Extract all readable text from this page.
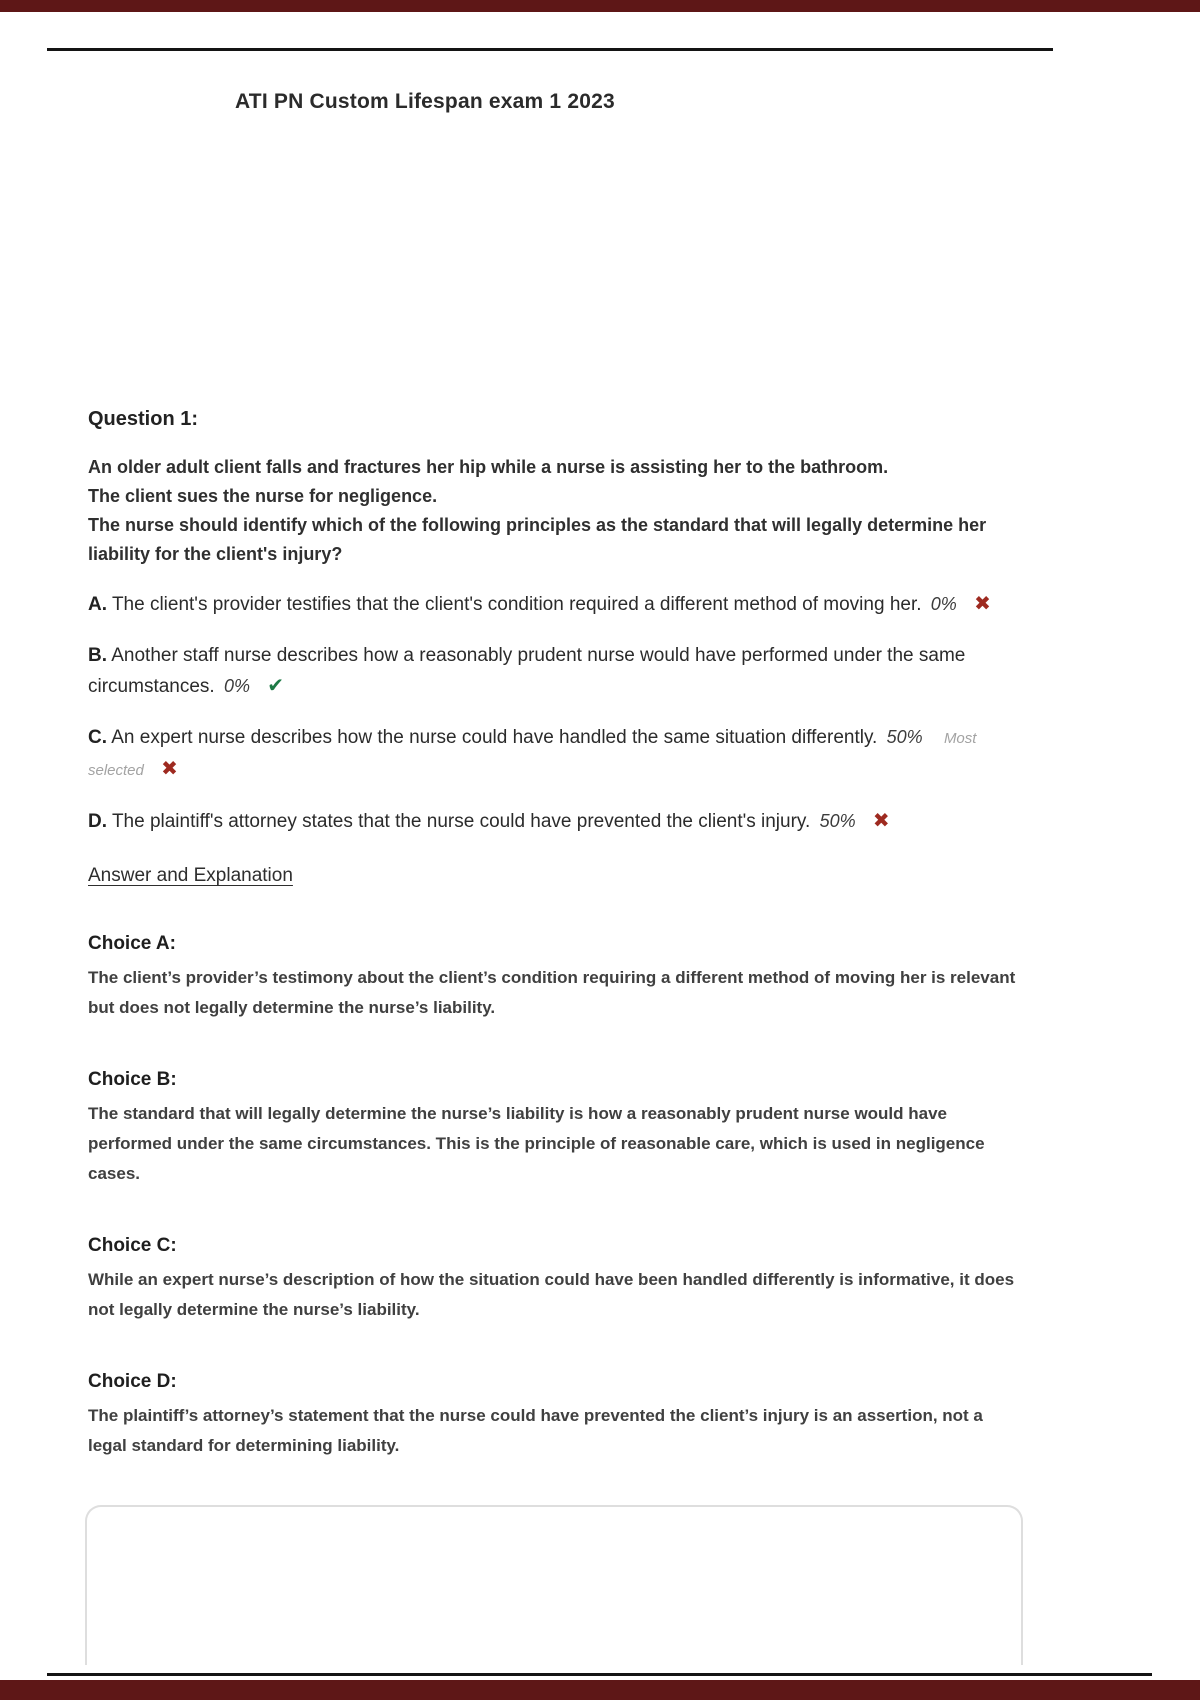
ATI PN Custom Lifespan exam 1 2023
Question 1:

An older adult client falls and fractures her hip while a nurse is assisting her to the bathroom.
The client sues the nurse for negligence.
The nurse should identify which of the following principles as the standard that will legally determine her liability for the client's injury?

A. The client's provider testifies that the client's condition required a different method of moving her. 0% ✖

B. Another staff nurse describes how a reasonably prudent nurse would have performed under the same circumstances. 0% ✔

C. An expert nurse describes how the nurse could have handled the same situation differently. 50% Most selected ✖

D. The plaintiff's attorney states that the nurse could have prevented the client's injury. 50% ✖

Answer and Explanation
Choice A:

The client’s provider’s testimony about the client’s condition requiring a different method of moving her is relevant but does not legally determine the nurse’s liability.

Choice B:

The standard that will legally determine the nurse’s liability is how a reasonably prudent nurse would have performed under the same circumstances. This is the principle of reasonable care, which is used in negligence cases.

Choice C:

While an expert nurse’s description of how the situation could have been handled differently is informative, it does not legally determine the nurse’s liability.

Choice D:

The plaintiff’s attorney’s statement that the nurse could have prevented the client’s injury is an assertion, not a legal standard for determining liability.
